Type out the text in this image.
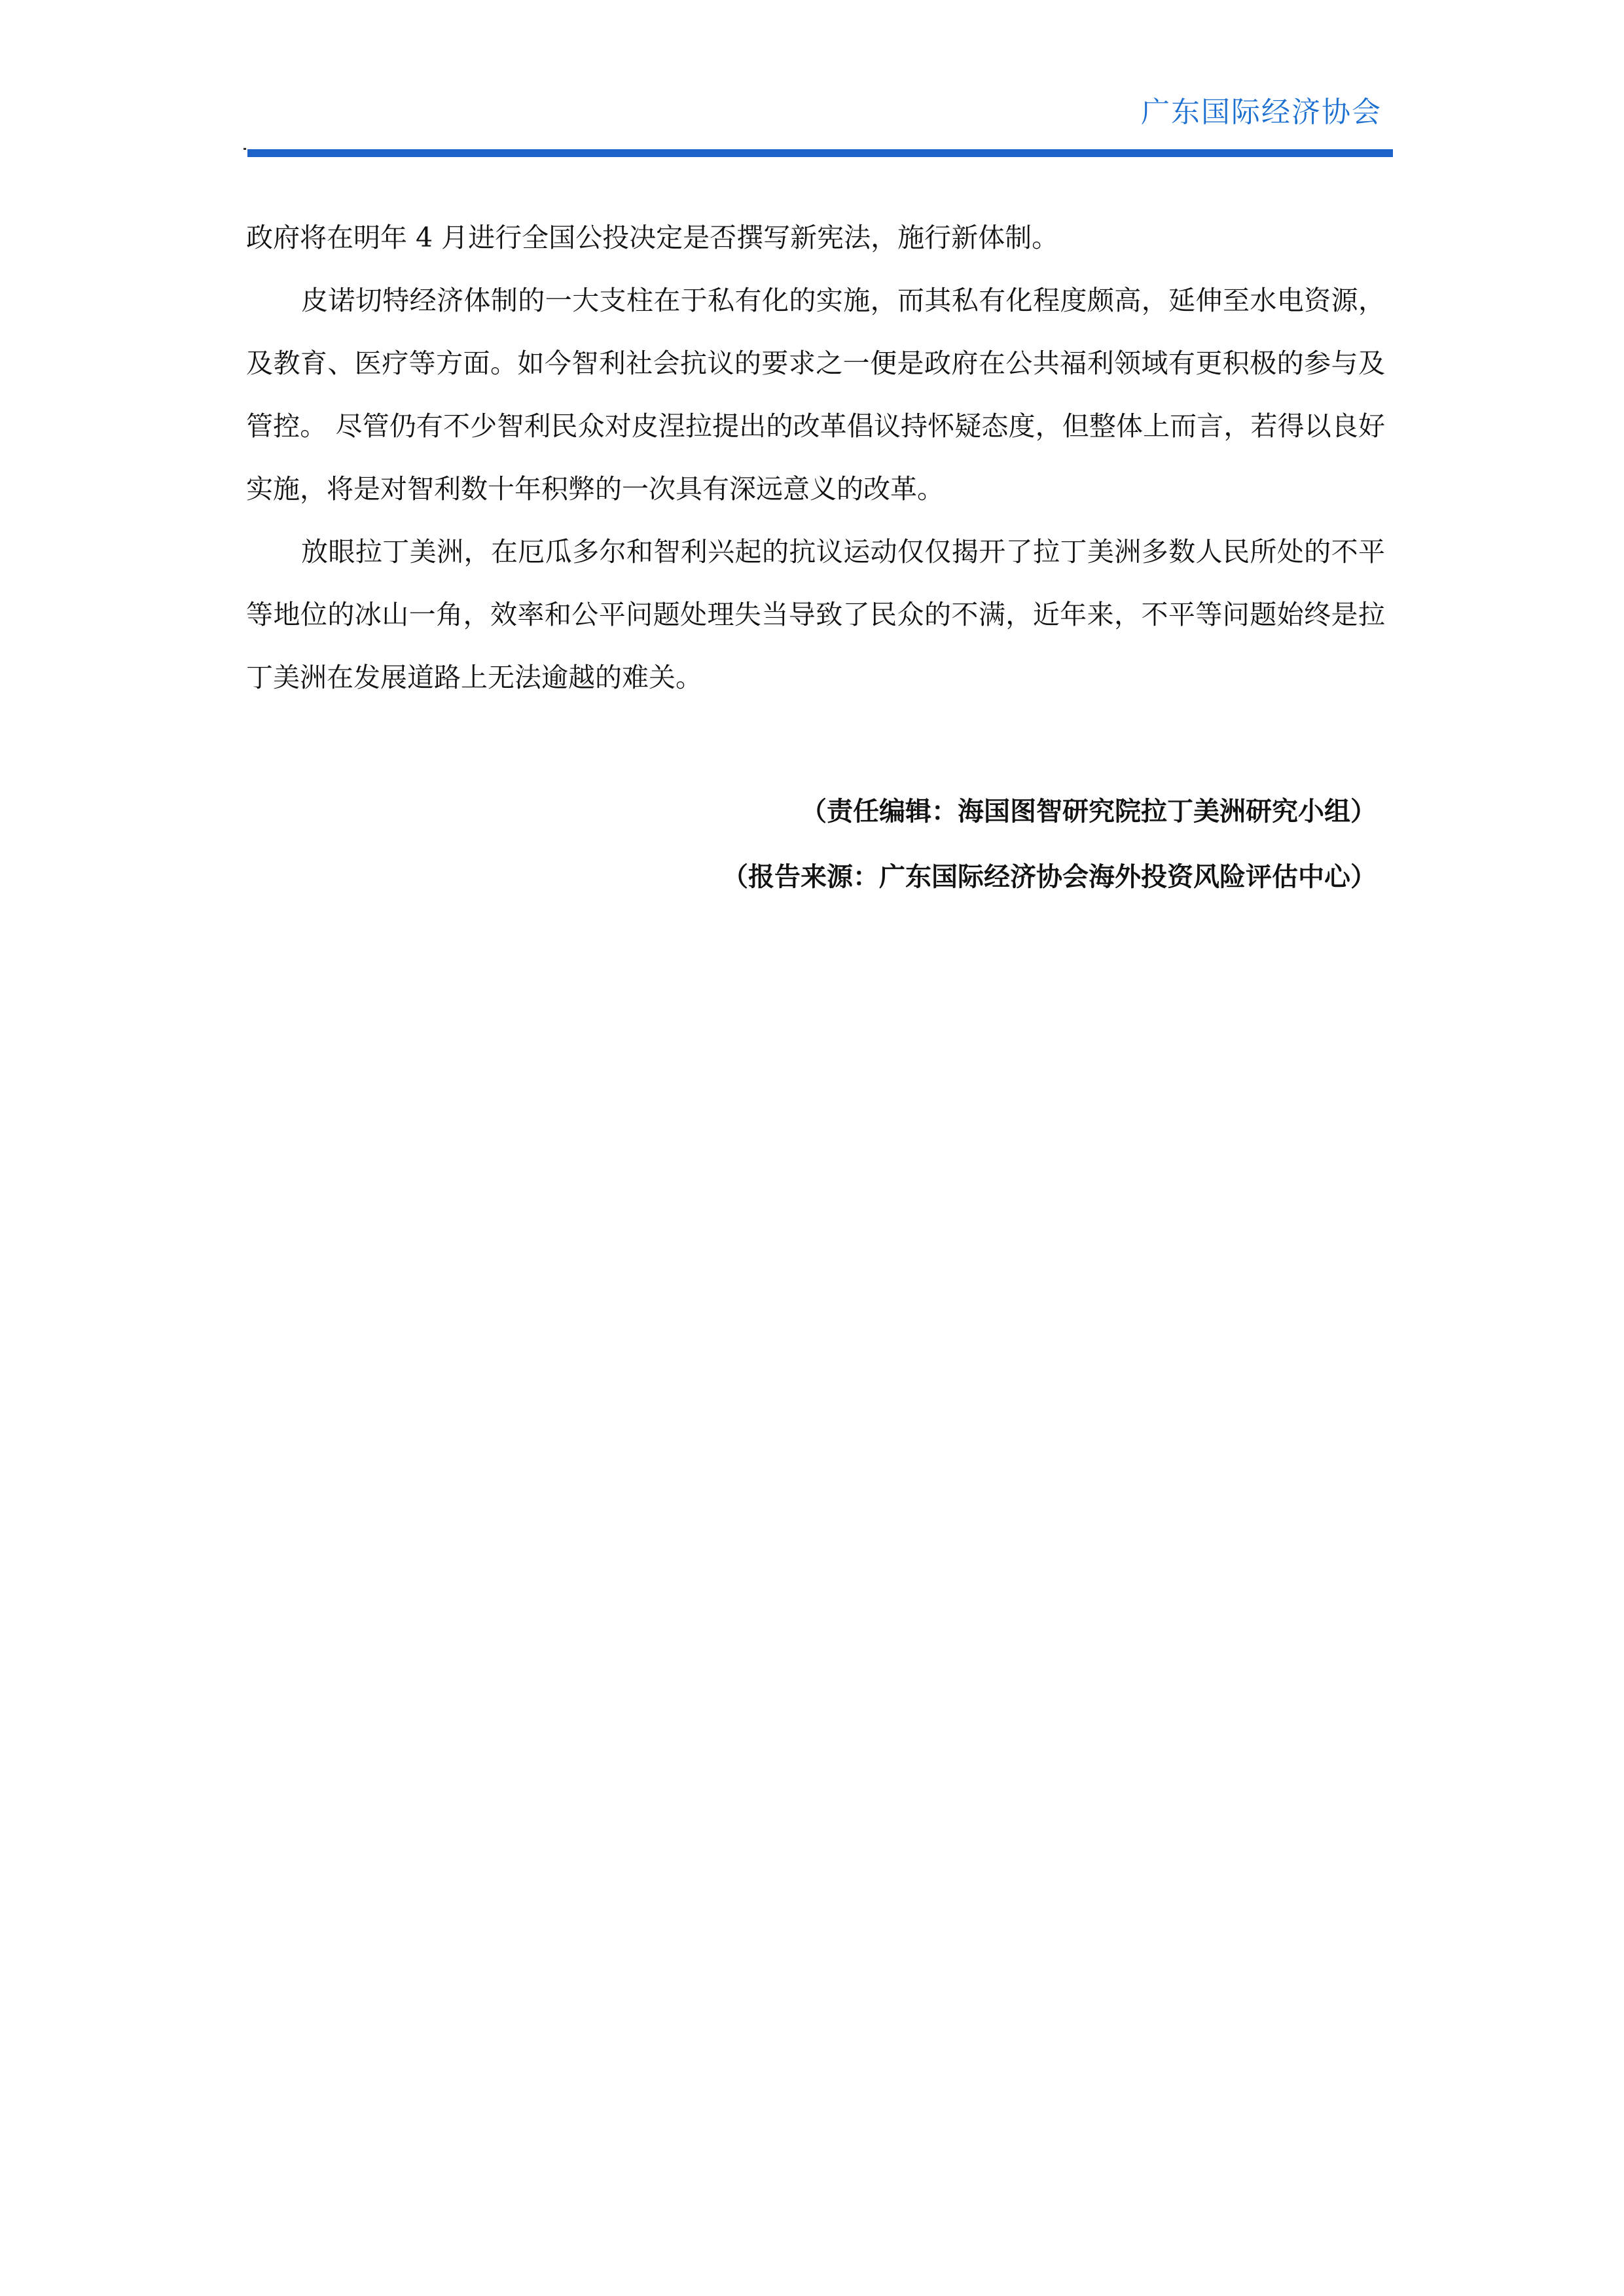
广东国际经济协会

政府将在明年 4 月进行全国公投决定是否撰写新宪法，施行新体制。

皮诺切特经济体制的一大支柱在于私有化的实施，而其私有化程度颇高，延伸至水电资源，及教育、医疗等方面。如今智利社会抗议的要求之一便是政府在公共福利领域有更积极的参与及管控。 尽管仍有不少智利民众对皮涅拉提出的改革倡议持怀疑态度，但整体上而言，若得以良好实施，将是对智利数十年积弊的一次具有深远意义的改革。

放眼拉丁美洲，在厄瓜多尔和智利兴起的抗议运动仅仅揭开了拉丁美洲多数人民所处的不平等地位的冰山一角，效率和公平问题处理失当导致了民众的不满，近年来，不平等问题始终是拉丁美洲在发展道路上无法逾越的难关。

（责任编辑：海国图智研究院拉丁美洲研究小组）
（报告来源：广东国际经济协会海外投资风险评估中心）
